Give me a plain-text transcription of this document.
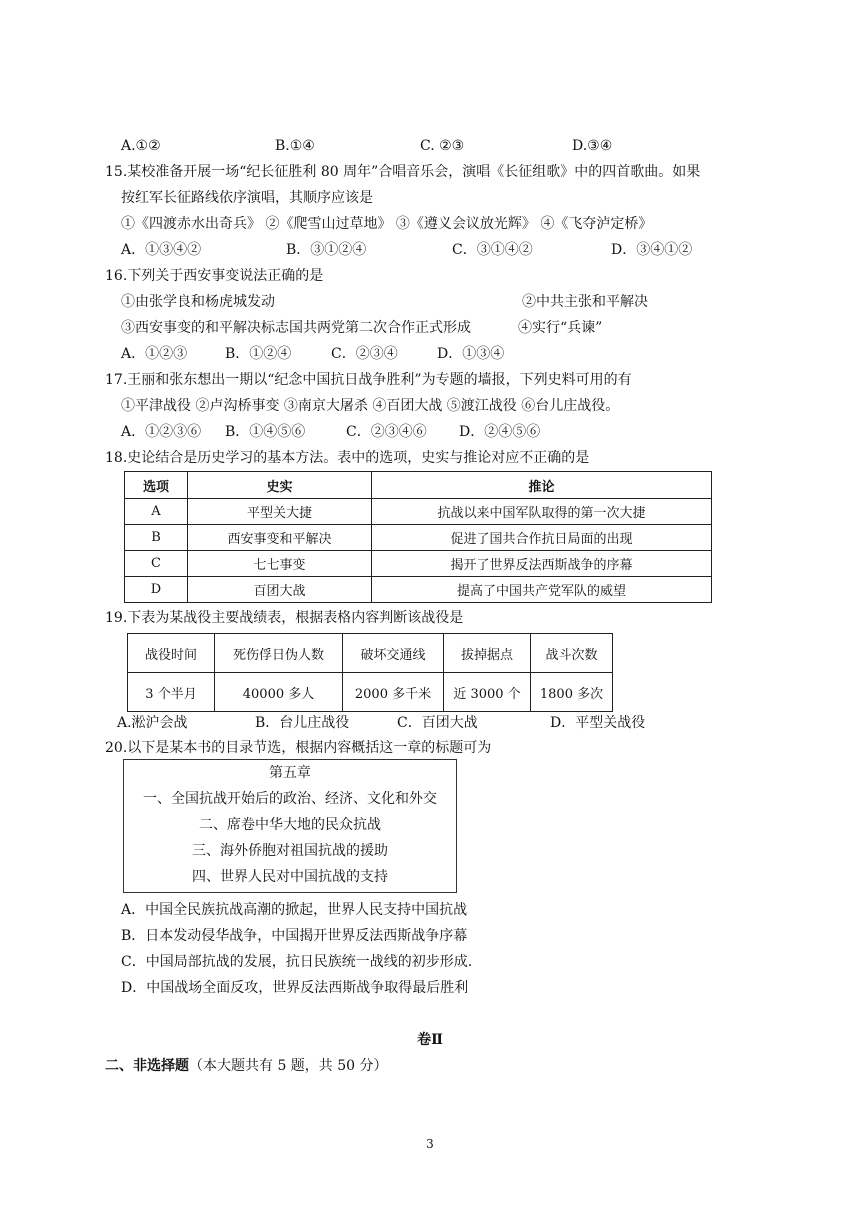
A.①②	B.①④	C. ②③	D.③④
15.某校准备开展一场“纪长征胜利 80 周年”合唱音乐会，演唱《长征组歌》中的四首歌曲。如果
按红军长征路线依序演唱，其顺序应该是
①《四渡赤水出奇兵》 ②《爬雪山过草地》 ③《遵义会议放光辉》 ④《飞夺泸定桥》
A．①③④②	B．③①②④	C．③①④②	D．③④①②
16.下列关于西安事变说法正确的是
①由张学良和杨虎城发动	②中共主张和平解决
③西安事变的和平解决标志国共两党第二次合作正式形成	④实行“兵谏”
A．①②③	B．①②④	C．②③④	D．①③④
17.王丽和张东想出一期以“纪念中国抗日战争胜利”为专题的墙报，下列史料可用的有
①平津战役 ②卢沟桥事变 ③南京大屠杀 ④百团大战 ⑤渡江战役 ⑥台儿庄战役。
A．①②③⑥ B．①④⑤⑥	C．②③④⑥ D．②④⑤⑥
18.史论结合是历史学习的基本方法。表中的选项，史实与推论对应不正确的是
选项	史实	推论
A	平型关大捷	抗战以来中国军队取得的第一次大捷
B	西安事变和平解决	促进了国共合作抗日局面的出现
C	七七事变	揭开了世界反法西斯战争的序幕
D	百团大战	提高了中国共产党军队的威望
19.下表为某战役主要战绩表，根据表格内容判断该战役是
战役时间	死伤俘日伪人数	破坏交通线	拔掉据点	战斗次数
3 个半月	40000 多人	2000 多千米	近 3000 个	1800 多次
A.淞沪会战	B．台儿庄战役	C．百团大战	D．平型关战役
20.以下是某本书的目录节选，根据内容概括这一章的标题可为
第五章
一、全国抗战开始后的政治、经济、文化和外交
二、席卷中华大地的民众抗战
三、海外侨胞对祖国抗战的援助
四、世界人民对中国抗战的支持
A．中国全民族抗战高潮的掀起，世界人民支持中国抗战
B．日本发动侵华战争，中国揭开世界反法西斯战争序幕
C．中国局部抗战的发展，抗日民族统一战线的初步形成.
D．中国战场全面反攻，世界反法西斯战争取得最后胜利
卷Ⅱ
二、非选择题（本大题共有 5 题，共 50 分）
3
